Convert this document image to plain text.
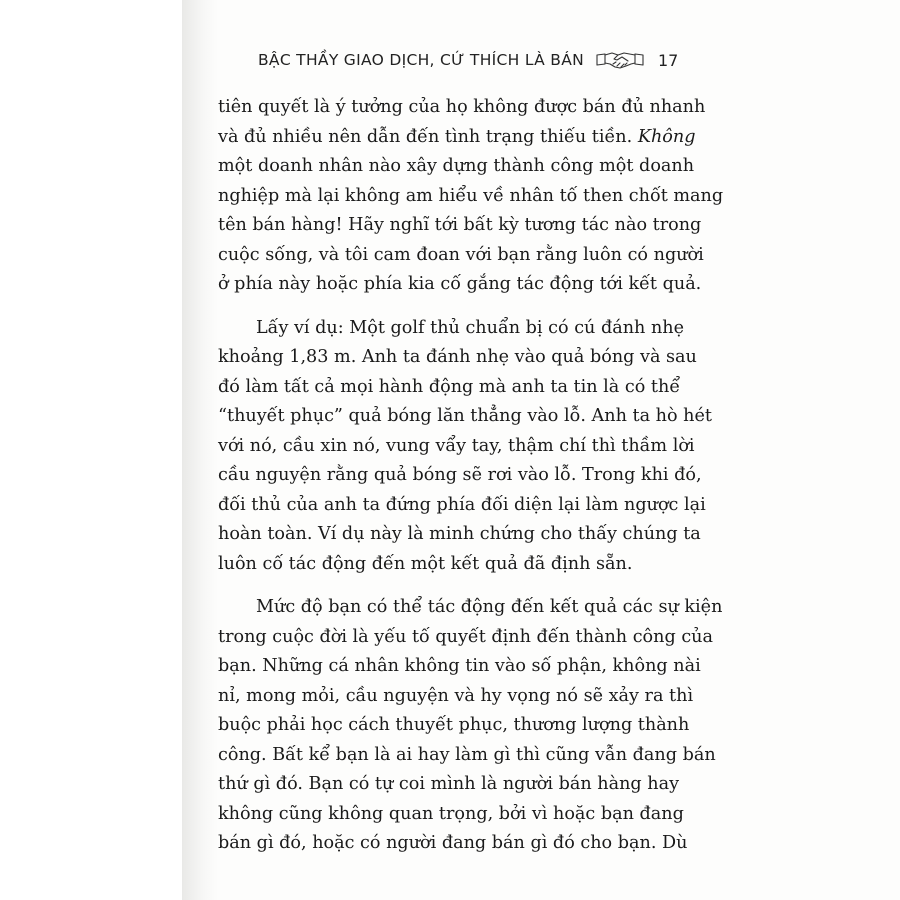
BẬC THẦY GIAO DỊCH, CỨ THÍCH LÀ BÁN	17

tiên quyết là ý tưởng của họ không được bán đủ nhanh
và đủ nhiều nên dẫn đến tình trạng thiếu tiền. Không
một doanh nhân nào xây dựng thành công một doanh
nghiệp mà lại không am hiểu về nhân tố then chốt mang
tên bán hàng! Hãy nghĩ tới bất kỳ tương tác nào trong
cuộc sống, và tôi cam đoan với bạn rằng luôn có người
ở phía này hoặc phía kia cố gắng tác động tới kết quả.

Lấy ví dụ: Một golf thủ chuẩn bị có cú đánh nhẹ
khoảng 1,83 m. Anh ta đánh nhẹ vào quả bóng và sau
đó làm tất cả mọi hành động mà anh ta tin là có thể
“thuyết phục” quả bóng lăn thẳng vào lỗ. Anh ta hò hét
với nó, cầu xin nó, vung vẩy tay, thậm chí thì thầm lời
cầu nguyện rằng quả bóng sẽ rơi vào lỗ. Trong khi đó,
đối thủ của anh ta đứng phía đối diện lại làm ngược lại
hoàn toàn. Ví dụ này là minh chứng cho thấy chúng ta
luôn cố tác động đến một kết quả đã định sẵn.

Mức độ bạn có thể tác động đến kết quả các sự kiện
trong cuộc đời là yếu tố quyết định đến thành công của
bạn. Những cá nhân không tin vào số phận, không nài
nỉ, mong mỏi, cầu nguyện và hy vọng nó sẽ xảy ra thì
buộc phải học cách thuyết phục, thương lượng thành
công. Bất kể bạn là ai hay làm gì thì cũng vẫn đang bán
thứ gì đó. Bạn có tự coi mình là người bán hàng hay
không cũng không quan trọng, bởi vì hoặc bạn đang
bán gì đó, hoặc có người đang bán gì đó cho bạn. Dù
